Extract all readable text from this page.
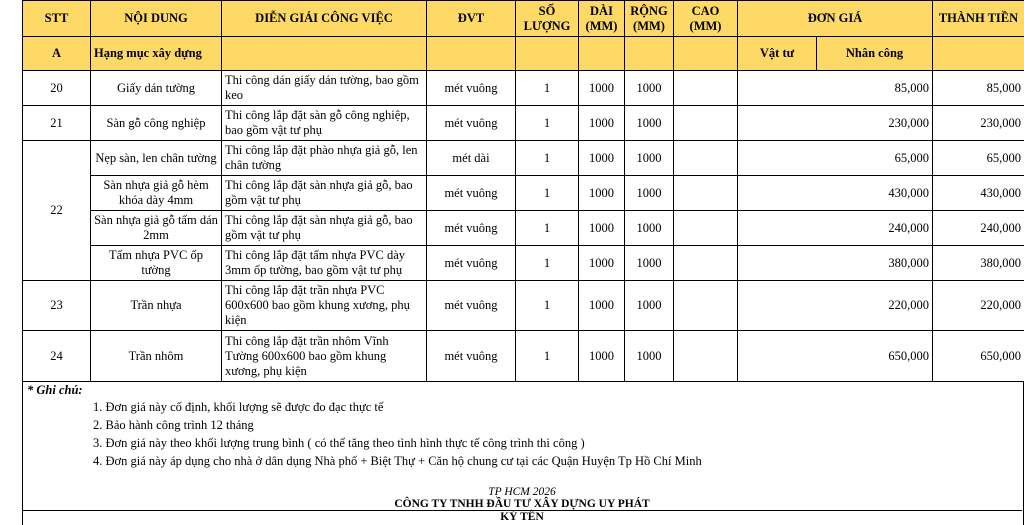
STT	NỘI DUNG	DIỄN GIẢI CÔNG VIỆC	ĐVT	SỐ LƯỢNG	DÀI (MM)	RỘNG (MM)	CAO (MM)	ĐƠN GIÁ		THÀNH TIỀN	
A	Hạng mục xây dựng							Vật tư	Nhân công		
20	Giấy dán tường	Thi công dán giấy dán tường, bao gồm keo	mét vuông	1	1000	1000		85,000		85,000	
21	Sàn gỗ công nghiệp	Thi công lắp đặt sàn gỗ công nghiệp, bao gồm vật tư phụ	mét vuông	1	1000	1000		230,000		230,000	
22	Nẹp sàn, len chân tường	Thi công lắp đặt phào nhựa giả gỗ, len chân tường	mét dài	1	1000	1000		65,000		65,000	
	Sàn nhựa giả gỗ hèm khóa dày 4mm	Thi công lắp đặt sàn nhựa giả gỗ, bao gồm vật tư phụ	mét vuông	1	1000	1000		430,000		430,000	
	Sàn nhựa giả gỗ tấm dán 2mm	Thi công lắp đặt sàn nhựa giả gỗ, bao gồm vật tư phụ	mét vuông	1	1000	1000		240,000		240,000	
	Tấm nhựa PVC ốp tường	Thi công lắp đặt tấm nhựa PVC dày 3mm ốp tường, bao gồm vật tư phụ	mét vuông	1	1000	1000		380,000		380,000	
23	Trần nhựa	Thi công lắp đặt trần nhựa PVC 600x600 bao gồm khung xương, phụ kiện	mét vuông	1	1000	1000		220,000		220,000	
24	Trần nhôm	Thi công lắp đặt trần nhôm Vĩnh Tường 600x600 bao gồm khung xương, phụ kiện	mét vuông	1	1000	1000		650,000		650,000	
* Ghi chú:
1. Đơn giá này cố định, khối lượng sẽ được đo đạc thực tế
2. Bảo hành công trình 12 tháng
3. Đơn giá này theo khối lượng trung bình ( có thể tăng theo tình hình thực tế công trình thi công )
4. Đơn giá này áp dụng cho nhà ở dân dụng Nhà phố + Biệt Thự + Căn hộ chung cư tại các Quận Huyện Tp Hồ Chí Minh
TP HCM 2026
CÔNG TY TNHH ĐẦU TƯ XÂY DỰNG UY PHÁT
KÝ TÊN
